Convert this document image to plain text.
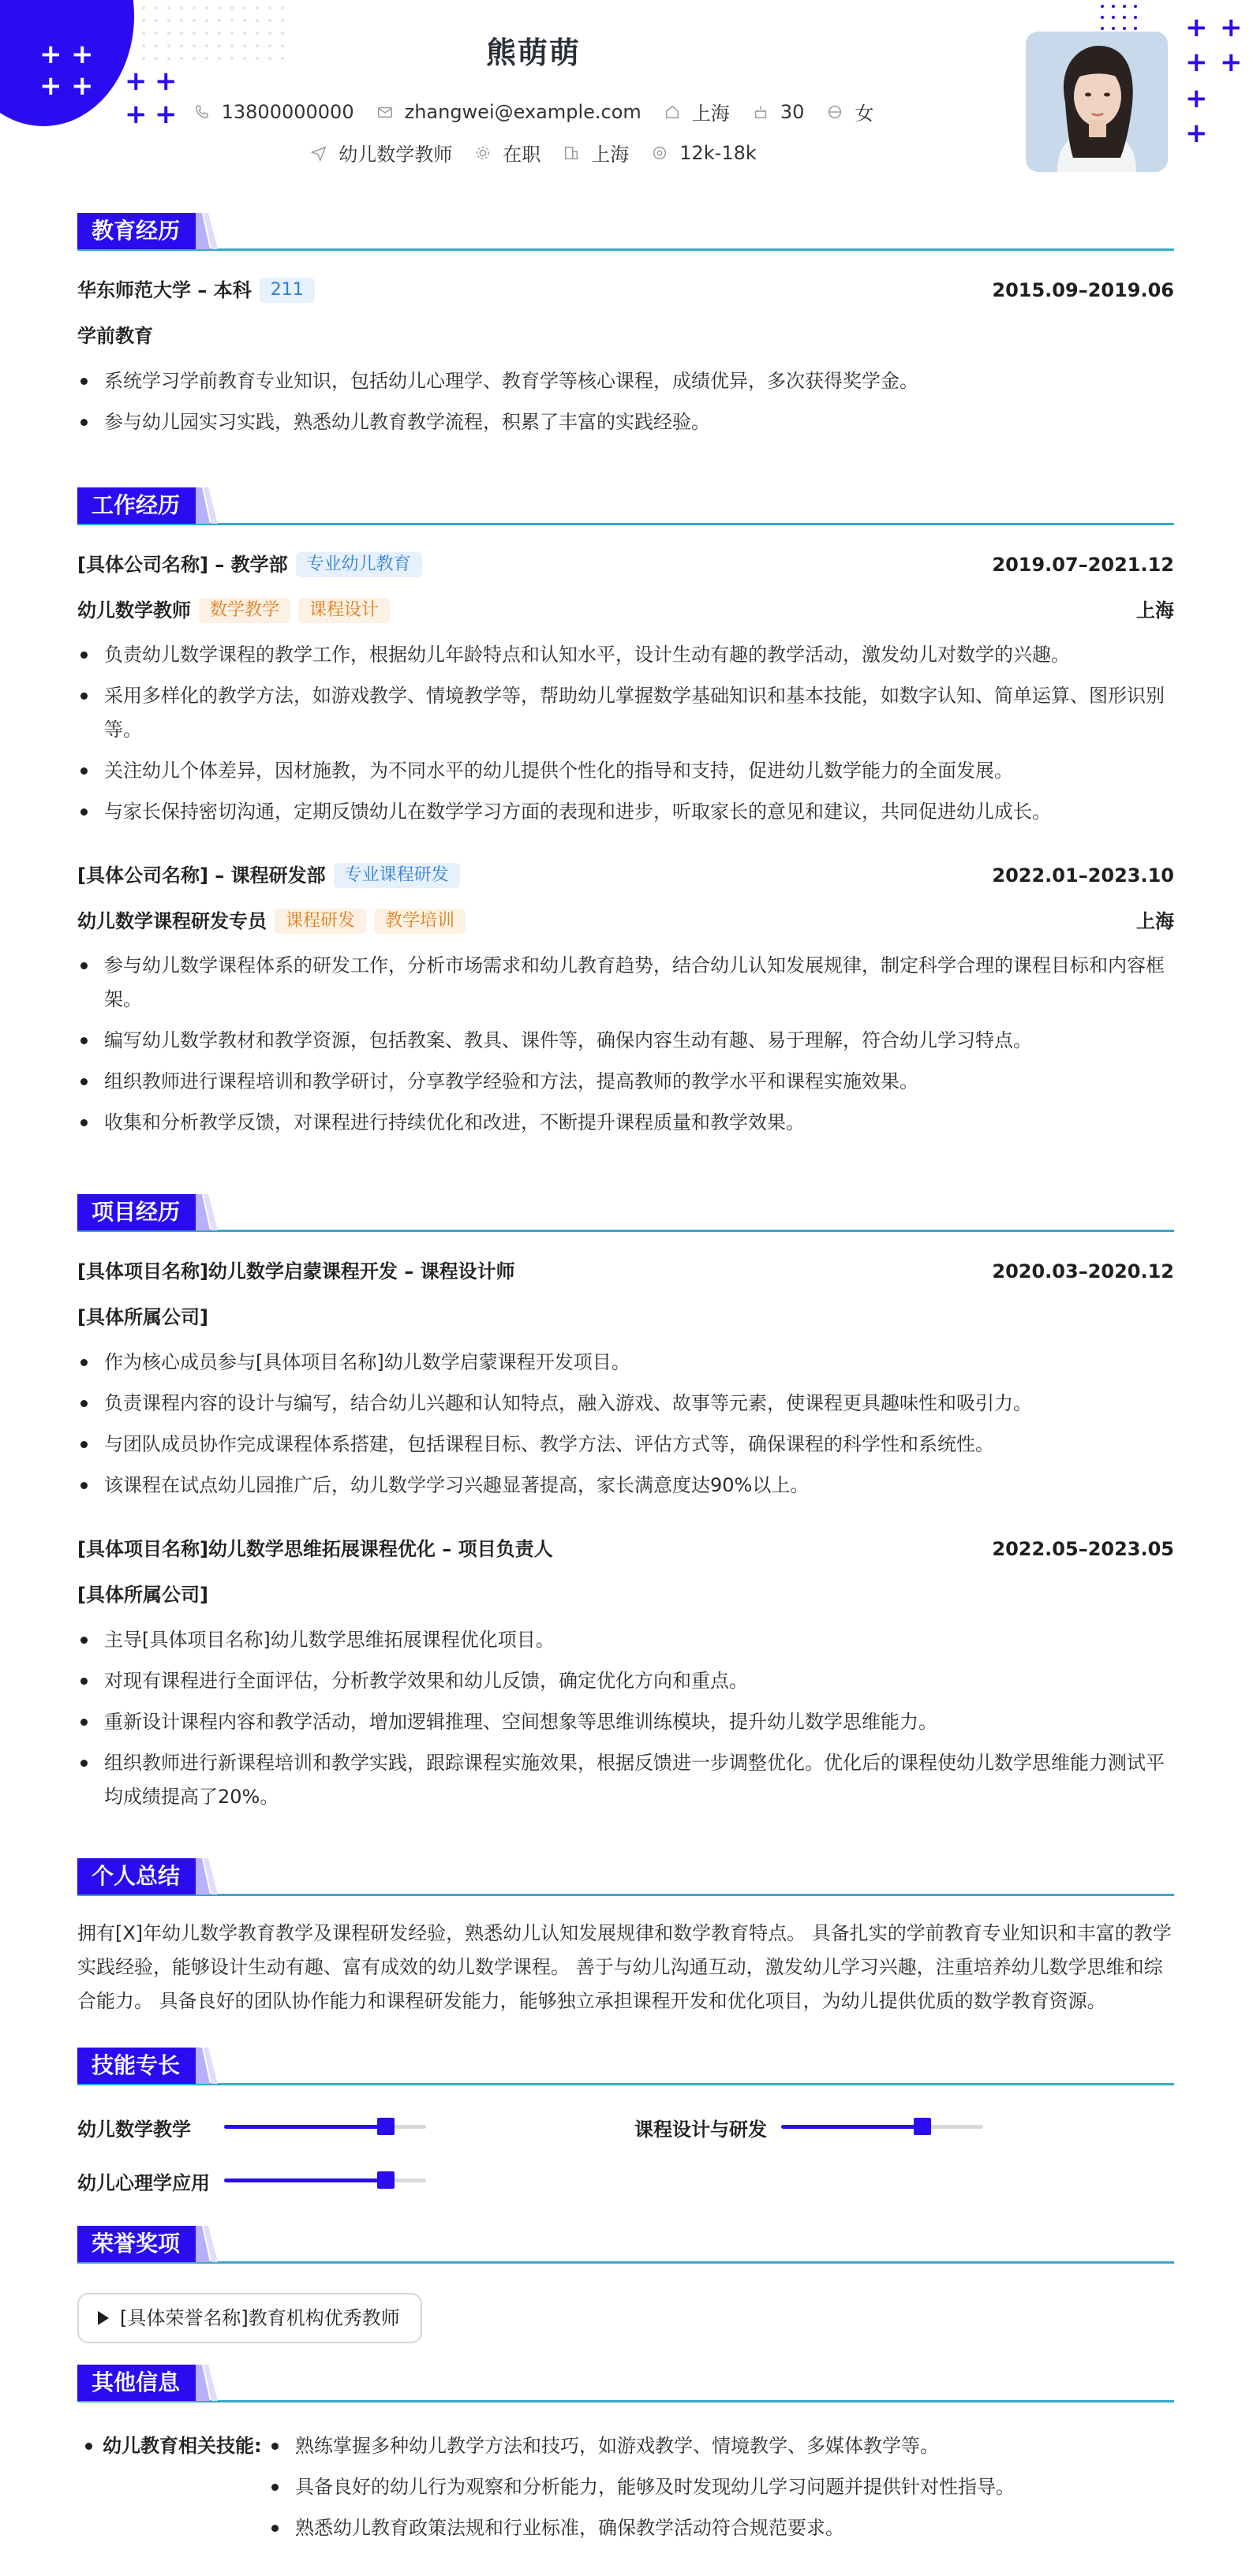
+ +
+ + + +
+ +
+ +
+ +
+
+
熊萌萌
13800000000	zhangwei@example.com	上海	30	女
幼儿数学教师	在职	上海	12k-18k
教育经历
华东师范大学 – 本科 211	2015.09–2019.06
学前教育
系统学习学前教育专业知识，包括幼儿心理学、教育学等核心课程，成绩优异，多次获得奖学金。
参与幼儿园实习实践，熟悉幼儿教育教学流程，积累了丰富的实践经验。
工作经历
[具体公司名称] – 教学部 专业幼儿教育	2019.07–2021.12
幼儿数学教师 数学教学 课程设计	上海
负责幼儿数学课程的教学工作，根据幼儿年龄特点和认知水平，设计生动有趣的教学活动，激发幼儿对数学的兴趣。
采用多样化的教学方法，如游戏教学、情境教学等，帮助幼儿掌握数学基础知识和基本技能，如数字认知、简单运算、图形识别等。
关注幼儿个体差异，因材施教，为不同水平的幼儿提供个性化的指导和支持，促进幼儿数学能力的全面发展。
与家长保持密切沟通，定期反馈幼儿在数学学习方面的表现和进步，听取家长的意见和建议，共同促进幼儿成长。
[具体公司名称] – 课程研发部 专业课程研发	2022.01–2023.10
幼儿数学课程研发专员 课程研发 教学培训	上海
参与幼儿数学课程体系的研发工作，分析市场需求和幼儿教育趋势，结合幼儿认知发展规律，制定科学合理的课程目标和内容框架。
编写幼儿数学教材和教学资源，包括教案、教具、课件等，确保内容生动有趣、易于理解，符合幼儿学习特点。
组织教师进行课程培训和教学研讨，分享教学经验和方法，提高教师的教学水平和课程实施效果。
收集和分析教学反馈，对课程进行持续优化和改进，不断提升课程质量和教学效果。
项目经历
[具体项目名称]幼儿数学启蒙课程开发 – 课程设计师	2020.03–2020.12
[具体所属公司]
作为核心成员参与[具体项目名称]幼儿数学启蒙课程开发项目。
负责课程内容的设计与编写，结合幼儿兴趣和认知特点，融入游戏、故事等元素，使课程更具趣味性和吸引力。
与团队成员协作完成课程体系搭建，包括课程目标、教学方法、评估方式等，确保课程的科学性和系统性。
该课程在试点幼儿园推广后，幼儿数学学习兴趣显著提高，家长满意度达90%以上。
[具体项目名称]幼儿数学思维拓展课程优化 – 项目负责人	2022.05–2023.05
[具体所属公司]
主导[具体项目名称]幼儿数学思维拓展课程优化项目。
对现有课程进行全面评估，分析教学效果和幼儿反馈，确定优化方向和重点。
重新设计课程内容和教学活动，增加逻辑推理、空间想象等思维训练模块，提升幼儿数学思维能力。
组织教师进行新课程培训和教学实践，跟踪课程实施效果，根据反馈进一步调整优化。优化后的课程使幼儿数学思维能力测试平均成绩提高了20%。
个人总结
拥有[X]年幼儿数学教育教学及课程研发经验，熟悉幼儿认知发展规律和数学教育特点。 具备扎实的学前教育专业知识和丰富的教学实践经验，能够设计生动有趣、富有成效的幼儿数学课程。 善于与幼儿沟通互动，激发幼儿学习兴趣，注重培养幼儿数学思维和综合能力。 具备良好的团队协作能力和课程研发能力，能够独立承担课程开发和优化项目，为幼儿提供优质的数学教育资源。
技能专长
幼儿数学教学	课程设计与研发
幼儿心理学应用
荣誉奖项
[具体荣誉名称]教育机构优秀教师
其他信息
幼儿教育相关技能:	熟练掌握多种幼儿教学方法和技巧，如游戏教学、情境教学、多媒体教学等。
具备良好的幼儿行为观察和分析能力，能够及时发现幼儿学习问题并提供针对性指导。
熟悉幼儿教育政策法规和行业标准，确保教学活动符合规范要求。
